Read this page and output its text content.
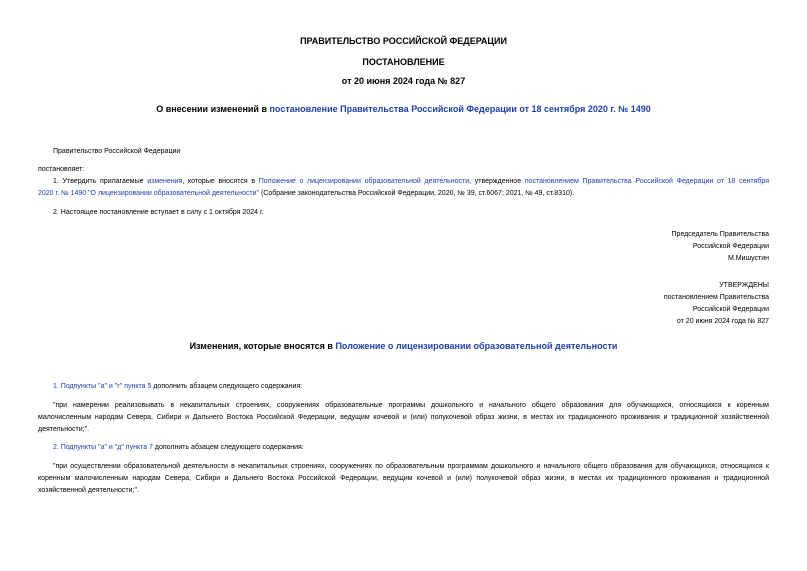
ПРАВИТЕЛЬСТВО РОССИЙСКОЙ ФЕДЕРАЦИИ
ПОСТАНОВЛЕНИЕ
от 20 июня 2024 года № 827
О внесении изменений в постановление Правительства Российской Федерации от 18 сентября 2020 г. № 1490
Правительство Российской Федерации
постановляет:
1. Утвердить прилагаемые изменения, которые вносятся в Положение о лицензировании образовательной деятельности, утвержденное постановлением Правительства Российской Федерации от 18 сентября
2020 г. № 1490 "О лицензировании образовательной деятельности" (Собрание законодательства Российской Федерации, 2020, № 39, ст.6067; 2021, № 49, ст.8310).
2. Настоящее постановление вступает в силу с 1 октября 2024 г.
Председатель Правительства
Российской Федерации
М.Мишустин
УТВЕРЖДЕНЫ
постановлением Правительства
Российской Федерации
от 20 июня 2024 года № 827
Изменения, которые вносятся в Положение о лицензировании образовательной деятельности
1. Подпункты "а" и "г" пункта 5 дополнить абзацем следующего содержания:
"при намерении реализовывать в некапитальных строениях, сооружениях образовательные программы дошкольного и начального общего образования для обучающихся, относящихся к коренным
малочисленным народам Севера, Сибири и Дальнего Востока Российской Федерации, ведущим кочевой и (или) полукочевой образ жизни, в местах их традиционного проживания и традиционной хозяйственной
деятельности;".
2. Подпункты "а" и "д" пункта 7 дополнить абзацем следующего содержания:
"при осуществлении образовательной деятельности в некапитальных строениях, сооружениях по образовательным программам дошкольного и начального общего образования для обучающихся, относящихся к
коренным малочисленным народам Севера, Сибири и Дальнего Востока Российской Федерации, ведущим кочевой и (или) полукочевой образ жизни, в местах их традиционного проживания и традиционной
хозяйственной деятельности;".
